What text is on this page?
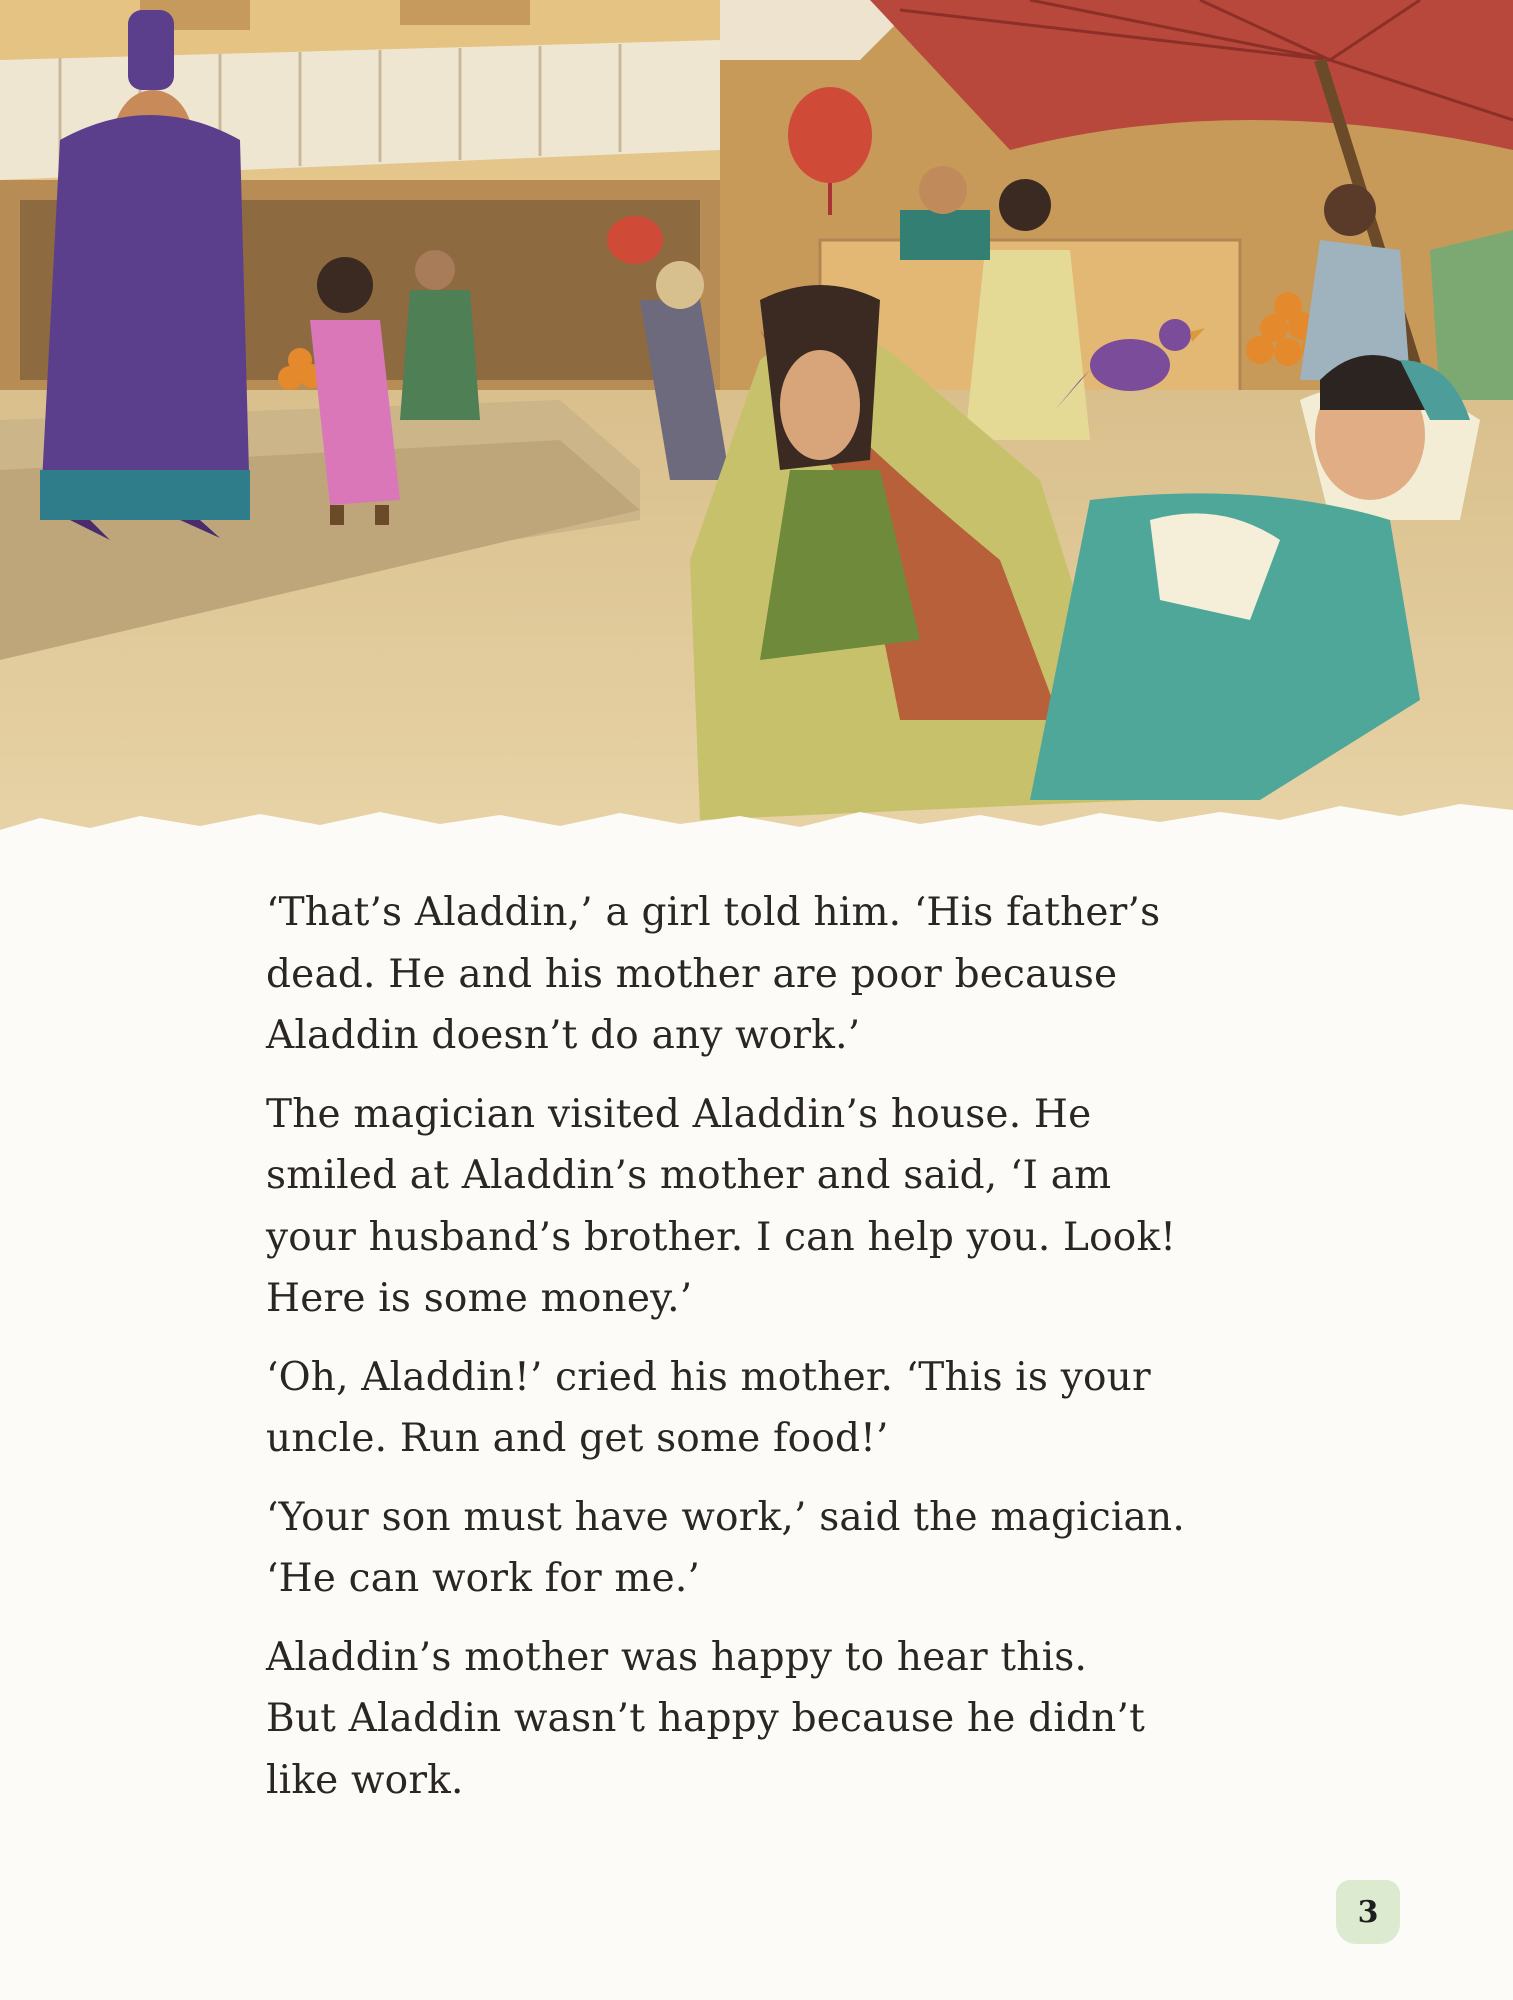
‘That’s Aladdin,’ a girl told him. ‘His father’s
dead. He and his mother are poor because
Aladdin doesn’t do any work.’

The magician visited Aladdin’s house. He
smiled at Aladdin’s mother and said, ‘I am
your husband’s brother. I can help you. Look!
Here is some money.’

‘Oh, Aladdin!’ cried his mother. ‘This is your
uncle. Run and get some food!’

‘Your son must have work,’ said the magician.
‘He can work for me.’

Aladdin’s mother was happy to hear this.
But Aladdin wasn’t happy because he didn’t
like work.

3
